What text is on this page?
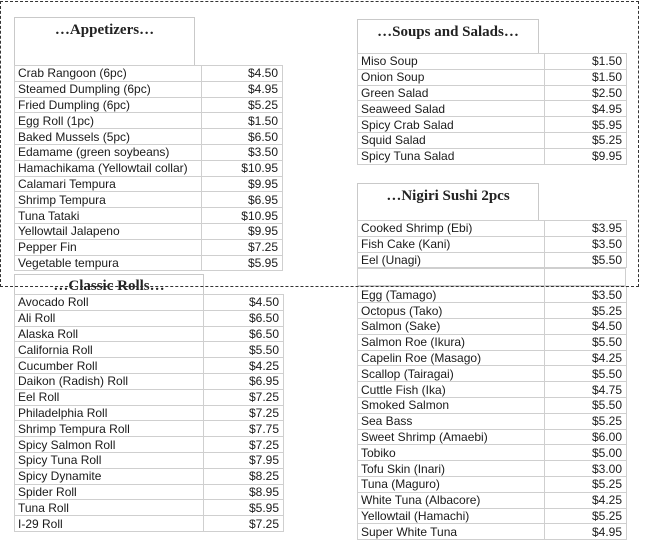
…Appetizers…
Crab Rangoon (6pc)	$4.50
Steamed Dumpling (6pc)	$4.95
Fried Dumpling (6pc)	$5.25
Egg Roll (1pc)	$1.50
Baked Mussels (5pc)	$6.50
Edamame (green soybeans)	$3.50
Hamachikama (Yellowtail collar)	$10.95
Calamari Tempura	$9.95
Shrimp Tempura	$6.95
Tuna Tataki	$10.95
Yellowtail Jalapeno	$9.95
Pepper Fin	$7.25
Vegetable tempura	$5.95
…Soups and Salads…
Miso Soup	$1.50
Onion Soup	$1.50
Green Salad	$2.50
Seaweed Salad	$4.95
Spicy Crab Salad	$5.95
Squid Salad	$5.25
Spicy Tuna Salad	$9.95
…Nigiri Sushi 2pcs
Cooked Shrimp (Ebi)	$3.95
Fish Cake (Kani)	$3.50
Eel (Unagi)	$5.50

Egg (Tamago)	$3.50
Octopus (Tako)	$5.25
Salmon (Sake)	$4.50
Salmon Roe (Ikura)	$5.50
Capelin Roe (Masago)	$4.25
Scallop (Tairagai)	$5.50
Cuttle Fish (Ika)	$4.75
Smoked Salmon	$5.50
Sea Bass	$5.25
Sweet Shrimp (Amaebi)	$6.00
Tobiko	$5.00
Tofu Skin (Inari)	$3.00
Tuna (Maguro)	$5.25
White Tuna (Albacore)	$4.25
Yellowtail (Hamachi)	$5.25
Super White Tuna	$4.95
…Classic Rolls…
Avocado Roll	$4.50
Ali Roll	$6.50
Alaska Roll	$6.50
California Roll	$5.50
Cucumber Roll	$4.25
Daikon (Radish) Roll	$6.95
Eel Roll	$7.25
Philadelphia Roll	$7.25
Shrimp Tempura Roll	$7.75
Spicy Salmon Roll	$7.25
Spicy Tuna Roll	$7.95
Spicy Dynamite	$8.25
Spider Roll	$8.95
Tuna Roll	$5.95
I-29 Roll	$7.25
